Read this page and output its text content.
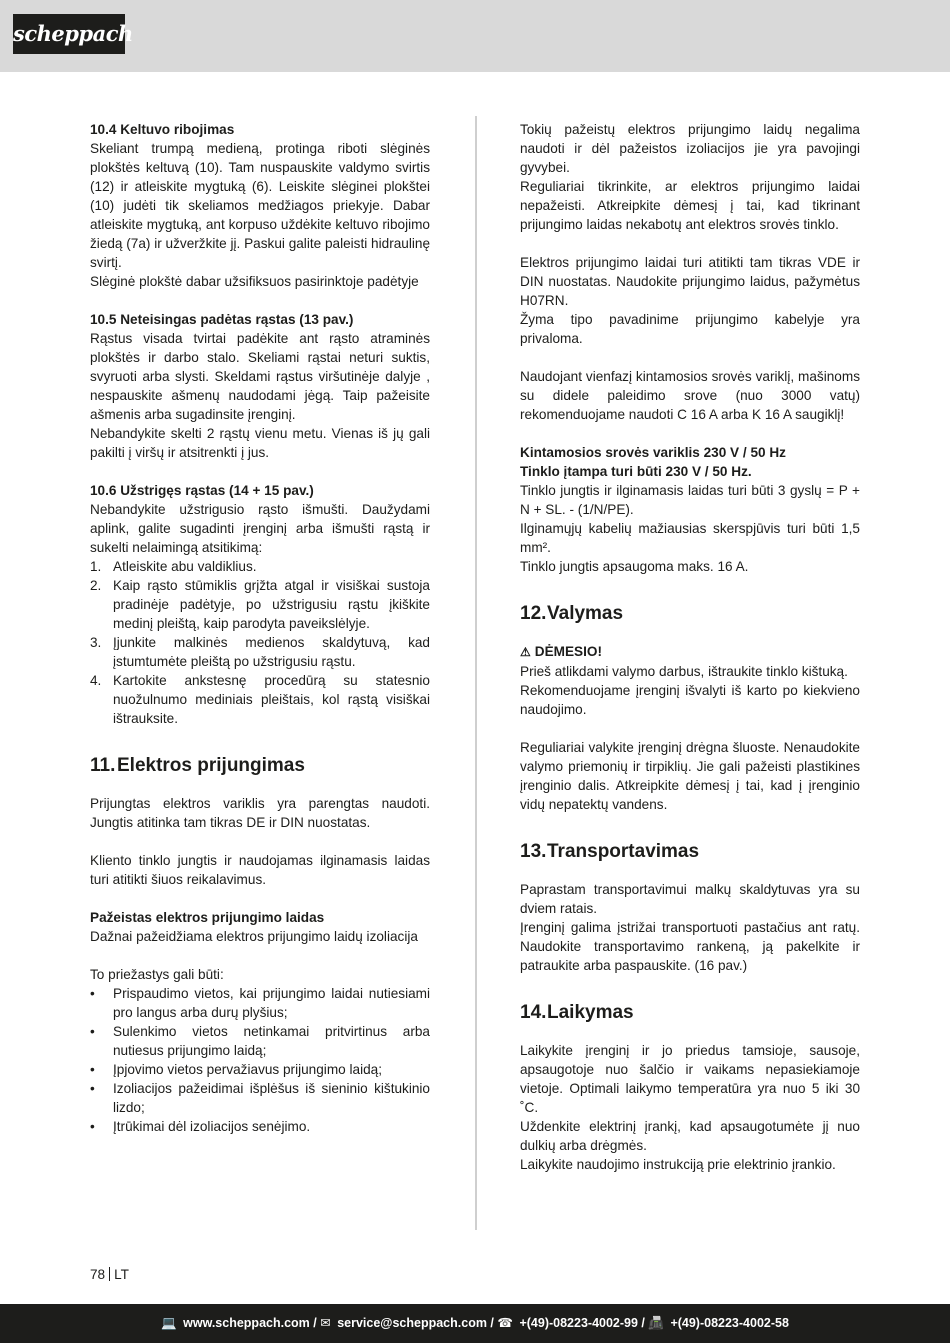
scheppach
10.4 Keltuvo ribojimas
Skeliant trumpą medieną, protinga riboti slėginės plokštės keltuvą (10). Tam nuspauskite valdymo svirtis (12) ir atleiskite mygtuką (6). Leiskite slėginei plokštei (10) judėti tik skeliamos medžiagos priekyje. Dabar atleiskite mygtuką, ant korpuso uždėkite keltuvo ribojimo žiedą (7a) ir užveržkite jį. Paskui galite paleisti hidraulinę svirtį.
Slėginė plokštė dabar užsifiksuos pasirinktoje padėtyje
10.5 Neteisingas padėtas rąstas (13 pav.)
Rąstus visada tvirtai padėkite ant rąsto atraminės plokštės ir darbo stalo. Skeliami rąstai neturi suktis, svyruoti arba slysti. Skeldami rąstus viršutinėje dalyje , nespauskite ašmenų naudodami jėgą. Taip pažeisite ašmenis arba sugadinsite įrenginį.
Nebandykite skelti 2 rąstų vienu metu. Vienas iš jų gali pakilti į viršų ir atsitrenkti į jus.
10.6 Užstrigęs rąstas (14 + 15 pav.)
Nebandykite užstrigusio rąsto išmušti. Daužydami aplink, galite sugadinti įrenginį arba išmušti rąstą ir sukelti nelaimingą atsitikimą:
1. Atleiskite abu valdiklius.
2. Kaip rąsto stūmiklis grįžta atgal ir visiškai sustoja pradinėje padėtyje, po užstrigusiu rąstu įkiškite medinį pleištą, kaip parodyta paveikslėlyje.
3. Įjunkite malkinės medienos skaldytuvą, kad įstumtumėte pleištą po užstrigusiu rąstu.
4. Kartokite ankstesnę procedūrą su statesnio nuožulnumo mediniais pleištais, kol rąstą visiškai ištrauksite.
11.Elektros prijungimas
Prijungtas elektros variklis yra parengtas naudoti. Jungtis atitinka tam tikras DE ir DIN nuostatas.
Kliento tinklo jungtis ir naudojamas ilginamasis laidas turi atitikti šiuos reikalavimus.
Pažeistas elektros prijungimo laidas
Dažnai pažeidžiama elektros prijungimo laidų izoliacija
To priežastys gali būti:
• Prispaudimo vietos, kai prijungimo laidai nutiesiami pro langus arba durų plyšius;
• Sulenkimo vietos netinkamai pritvirtinus arba nutiesus prijungimo laidą;
• Įpjovimo vietos pervažiavus prijungimo laidą;
• Izoliacijos pažeidimai išplėšus iš sieninio kištukinio lizdo;
• Įtrūkimai dėl izoliacijos senėjimo.
Tokių pažeistų elektros prijungimo laidų negalima naudoti ir dėl pažeistos izoliacijos jie yra pavojingi gyvybei.
Reguliariai tikrinkite, ar elektros prijungimo laidai nepažeisti. Atkreipkite dėmesį į tai, kad tikrinant prijungimo laidas nekabotų ant elektros srovės tinklo.
Elektros prijungimo laidai turi atitikti tam tikras VDE ir DIN nuostatas. Naudokite prijungimo laidus, pažymėtus H07RN.
Žyma tipo pavadinime prijungimo kabelyje yra privaloma.
Naudojant vienfazį kintamosios srovės variklį, mašinoms su didele paleidimo srove (nuo 3000 vatų) rekomenduojame naudoti C 16 A arba K 16 A saugiklį!
Kintamosios srovės variklis 230 V / 50 Hz
Tinklo įtampa turi būti 230 V / 50 Hz.
Tinklo jungtis ir ilginamasis laidas turi būti 3 gyslų = P + N + SL. - (1/N/PE).
Ilginamųjų kabelių mažiausias skerspjūvis turi būti 1,5 mm².
Tinklo jungtis apsaugoma maks. 16 A.
12.Valymas
⚠ DĖMESIO!
Prieš atlikdami valymo darbus, ištraukite tinklo kištuką.
Rekomenduojame įrenginį išvalyti iš karto po kiekvieno naudojimo.
Reguliariai valykite įrenginį drėgna šluoste. Nenaudokite valymo priemonių ir tirpiklių. Jie gali pažeisti plastikines įrenginio dalis. Atkreipkite dėmesį į tai, kad į įrenginio vidų nepatektų vandens.
13.Transportavimas
Paprastam transportavimui malkų skaldytuvas yra su dviem ratais.
Įrenginį galima įstrižai transportuoti pastačius ant ratų. Naudokite transportavimo rankeną, ją pakelkite ir patraukite arba paspauskite. (16 pav.)
14.Laikymas
Laikykite įrenginį ir jo priedus tamsioje, sausoje, apsaugotoje nuo šalčio ir vaikams nepasiekiamoje vietoje. Optimali laikymo temperatūra yra nuo 5 iki 30 ˚C.
Uždenkite elektrinį įrankį, kad apsaugotumėte jį nuo dulkių arba drėgmės.
Laikykite naudojimo instrukciją prie elektrinio įrankio.
78 LT
💻 www.scheppach.com / ✉ service@scheppach.com / ☎ +(49)-08223-4002-99 / 📠 +(49)-08223-4002-58
